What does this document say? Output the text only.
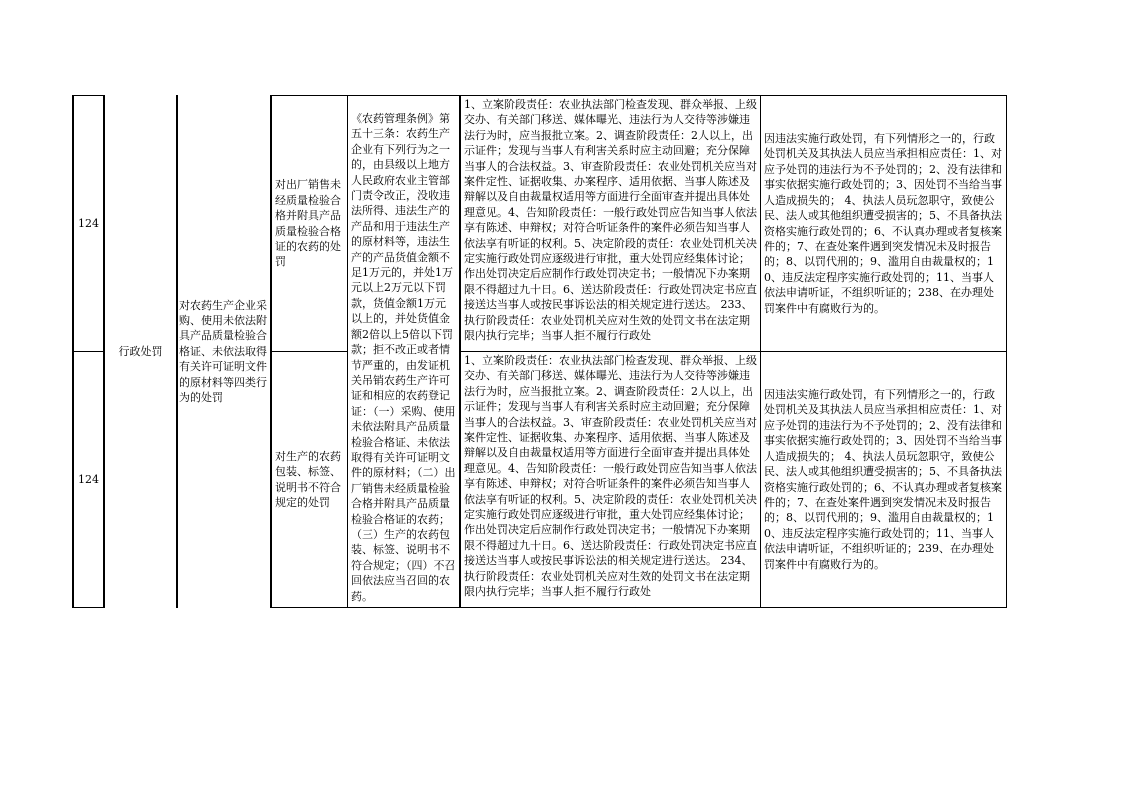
124
对出厂销售未经质量检验合格并附具产品质量检验合格证的农药的处罚
1、立案阶段责任：农业执法部门检查发现、群众举报、上级交办、有关部门移送、媒体曝光、违法行为人交待等涉嫌违法行为时，应当报批立案。2、调查阶段责任：2人以上，出示证件；发现与当事人有利害关系时应主动回避；充分保障当事人的合法权益。3、审查阶段责任：农业处罚机关应当对案件定性、证据收集、办案程序、适用依据、当事人陈述及辩解以及自由裁量权适用等方面进行全面审查并提出具体处理意见。4、告知阶段责任：一般行政处罚应告知当事人依法享有陈述、申辩权；对符合听证条件的案件必须告知当事人依法享有听证的权利。5、决定阶段的责任：农业处罚机关决定实施行政处罚应逐级进行审批，重大处罚应经集体讨论；作出处罚决定后应制作行政处罚决定书；一般情况下办案期限不得超过九十日。6、送达阶段责任：行政处罚决定书应直接送达当事人或按民事诉讼法的相关规定进行送达。 233、执行阶段责任：农业处罚机关应对生效的处罚文书在法定期限内执行完毕；当事人拒不履行行政处
因违法实施行政处罚，有下列情形之一的，行政处罚机关及其执法人员应当承担相应责任：1、对应予处罚的违法行为不予处罚的；2、没有法律和事实依据实施行政处罚的；3、因处罚不当给当事人造成损失的； 4、执法人员玩忽职守，致使公民、法人或其他组织遭受损害的；5、不具备执法资格实施行政处罚的；6、不认真办理或者复核案件的；7、在查处案件遇到突发情况未及时报告的；8、以罚代刑的；9、滥用自由裁量权的；10、违反法定程序实施行政处罚的；11、当事人依法申请听证，不组织听证的；238、在办理处罚案件中有腐败行为的。
124
对生产的农药包装、标签、说明书不符合规定的处罚
1、立案阶段责任：农业执法部门检查发现、群众举报、上级交办、有关部门移送、媒体曝光、违法行为人交待等涉嫌违法行为时，应当报批立案。2、调查阶段责任：2人以上，出示证件；发现与当事人有利害关系时应主动回避；充分保障当事人的合法权益。3、审查阶段责任：农业处罚机关应当对案件定性、证据收集、办案程序、适用依据、当事人陈述及辩解以及自由裁量权适用等方面进行全面审查并提出具体处理意见。4、告知阶段责任：一般行政处罚应告知当事人依法享有陈述、申辩权；对符合听证条件的案件必须告知当事人依法享有听证的权利。5、决定阶段的责任：农业处罚机关决定实施行政处罚应逐级进行审批，重大处罚应经集体讨论；作出处罚决定后应制作行政处罚决定书；一般情况下办案期限不得超过九十日。6、送达阶段责任：行政处罚决定书应直接送达当事人或按民事诉讼法的相关规定进行送达。 234、执行阶段责任：农业处罚机关应对生效的处罚文书在法定期限内执行完毕；当事人拒不履行行政处
因违法实施行政处罚，有下列情形之一的，行政处罚机关及其执法人员应当承担相应责任：1、对应予处罚的违法行为不予处罚的；2、没有法律和事实依据实施行政处罚的；3、因处罚不当给当事人造成损失的； 4、执法人员玩忽职守，致使公民、法人或其他组织遭受损害的；5、不具备执法资格实施行政处罚的；6、不认真办理或者复核案件的；7、在查处案件遇到突发情况未及时报告的；8、以罚代刑的；9、滥用自由裁量权的；10、违反法定程序实施行政处罚的；11、当事人依法申请听证，不组织听证的；239、在办理处罚案件中有腐败行为的。
行政处罚
对农药生产企业采购、使用未依法附具产品质量检验合格证、未依法取得有关许可证明文件的原材料等四类行为的处罚
《农药管理条例》第五十三条：农药生产企业有下列行为之一的，由县级以上地方人民政府农业主管部门责令改正，没收违法所得、违法生产的产品和用于违法生产的原材料等，违法生产的产品货值金额不足1万元的，并处1万元以上2万元以下罚款，货值金额1万元以上的，并处货值金额2倍以上5倍以下罚款；拒不改正或者情节严重的，由发证机关吊销农药生产许可证和相应的农药登记证：（一）采购、使用未依法附具产品质量检验合格证、未依法取得有关许可证明文件的原材料；（二）出厂销售未经质量检验合格并附具产品质量检验合格证的农药；（三）生产的农药包装、标签、说明书不符合规定；（四）不召回依法应当召回的农药。
